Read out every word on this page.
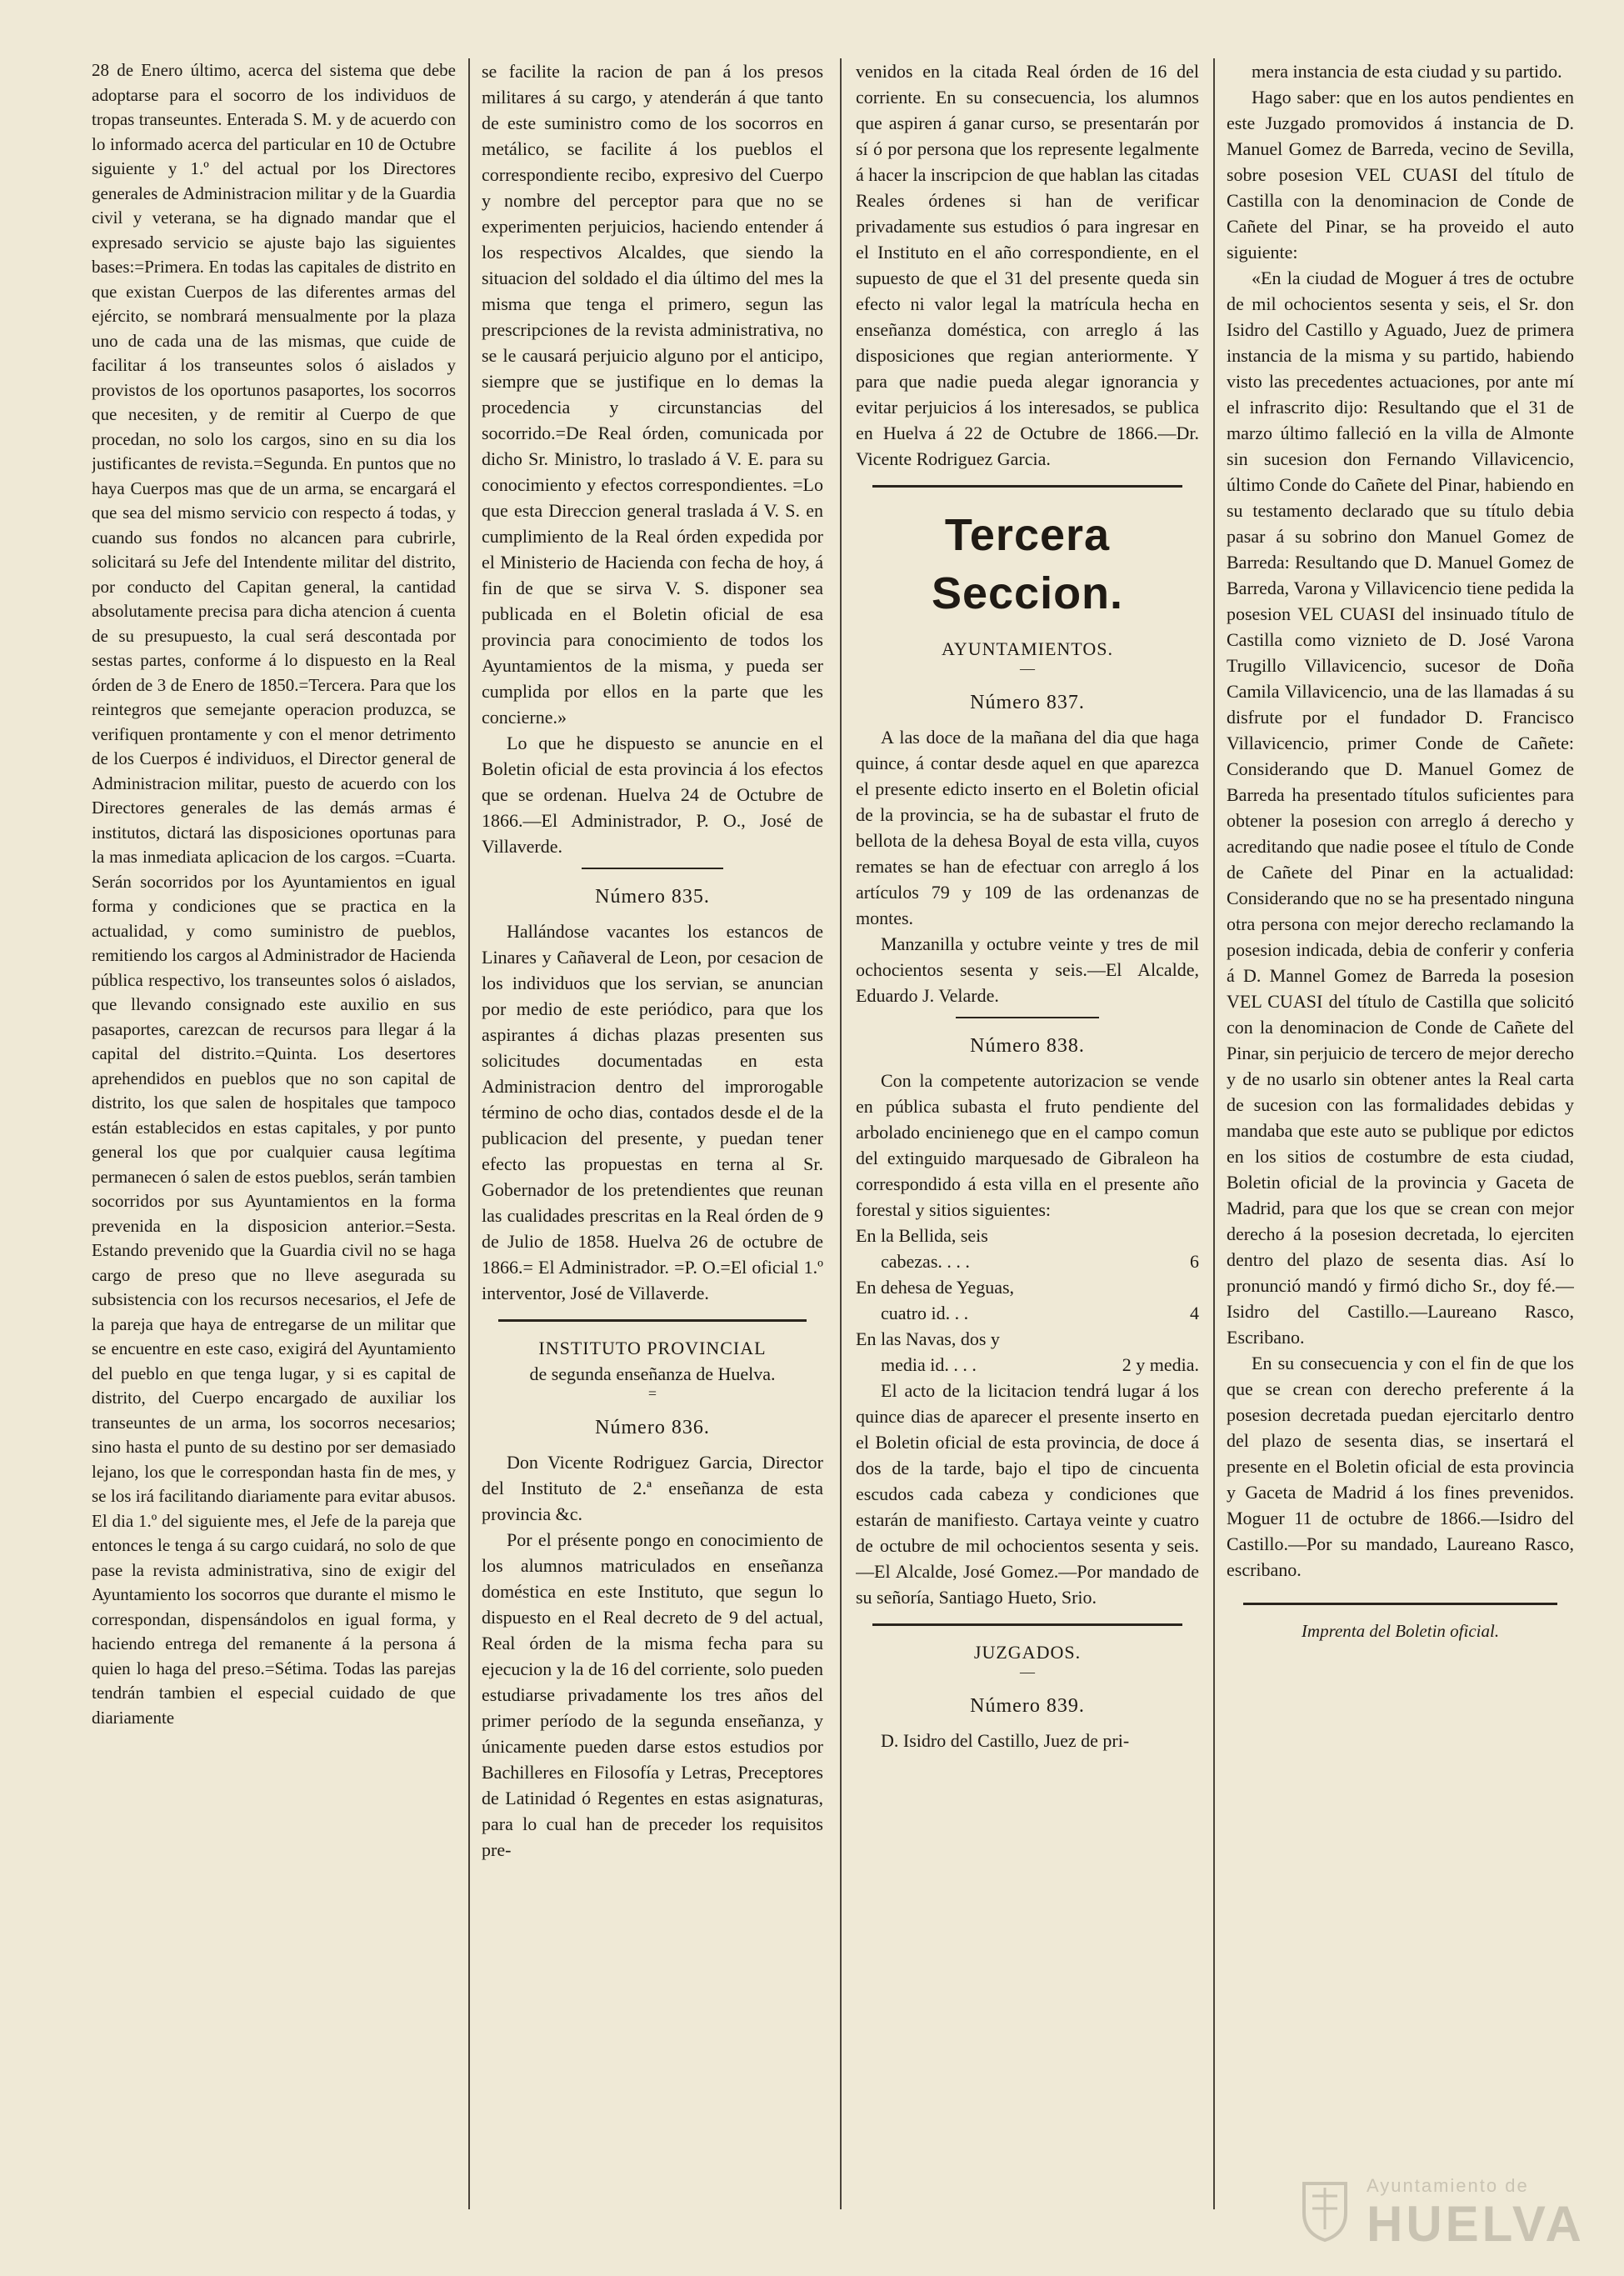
28 de Enero último, acerca del sistema que debe adoptarse para el socorro de los individuos de tropas transeuntes. Enterada S. M. y de acuerdo con lo informado acerca del particular en 10 de Octubre siguiente y 1.º del actual por los Directores generales de Administracion militar y de la Guardia civil y veterana, se ha dignado mandar que el expresado servicio se ajuste bajo las siguientes bases:=Primera. En todas las capitales de distrito en que existan Cuerpos de las diferentes armas del ejército, se nombrará mensualmente por la plaza uno de cada una de las mismas, que cuide de facilitar á los transeuntes solos ó aislados y provistos de los oportunos pasaportes, los socorros que necesiten, y de remitir al Cuerpo de que procedan, no solo los cargos, sino en su dia los justificantes de revista.=Segunda. En puntos que no haya Cuerpos mas que de un arma, se encargará el que sea del mismo servicio con respecto á todas, y cuando sus fondos no alcancen para cubrirle, solicitará su Jefe del Intendente militar del distrito, por conducto del Capitan general, la cantidad absolutamente precisa para dicha atencion á cuenta de su presupuesto, la cual será descontada por sestas partes, conforme á lo dispuesto en la Real órden de 3 de Enero de 1850.=Tercera. Para que los reintegros que semejante operacion produzca, se verifiquen prontamente y con el menor detrimento de los Cuerpos é individuos, el Director general de Administracion militar, puesto de acuerdo con los Directores generales de las demás armas é institutos, dictará las disposiciones oportunas para la mas inmediata aplicacion de los cargos. =Cuarta. Serán socorridos por los Ayuntamientos en igual forma y condiciones que se practica en la actualidad, y como suministro de pueblos, remitiendo los cargos al Administrador de Hacienda pública respectivo, los transeuntes solos ó aislados, que llevando consignado este auxilio en sus pasaportes, carezcan de recursos para llegar á la capital del distrito.=Quinta. Los desertores aprehendidos en pueblos que no son capital de distrito, los que salen de hospitales que tampoco están establecidos en estas capitales, y por punto general los que por cualquier causa legítima permanecen ó salen de estos pueblos, serán tambien socorridos por sus Ayuntamientos en la forma prevenida en la disposicion anterior.=Sesta. Estando prevenido que la Guardia civil no se haga cargo de preso que no lleve asegurada su subsistencia con los recursos necesarios, el Jefe de la pareja que haya de entregarse de un militar que se encuentre en este caso, exigirá del Ayuntamiento del pueblo en que tenga lugar, y si es capital de distrito, del Cuerpo encargado de auxiliar los transeuntes de un arma, los socorros necesarios; sino hasta el punto de su destino por ser demasiado lejano, los que le correspondan hasta fin de mes, y se los irá facilitando diariamente para evitar abusos. El dia 1.º del siguiente mes, el Jefe de la pareja que entonces le tenga á su cargo cuidará, no solo de que pase la revista administrativa, sino de exigir del Ayuntamiento los socorros que durante el mismo le correspondan, dispensándolos en igual forma, y haciendo entrega del remanente á la persona á quien lo haga del preso.=Sétima. Todas las parejas tendrán tambien el especial cuidado de que diariamente

se facilite la racion de pan á los presos militares á su cargo, y atenderán á que tanto de este suministro como de los socorros en metálico, se facilite á los pueblos el correspondiente recibo, expresivo del Cuerpo y nombre del perceptor para que no se experimenten perjuicios, haciendo entender á los respectivos Alcaldes, que siendo la situacion del soldado el dia último del mes la misma que tenga el primero, segun las prescripciones de la revista administrativa, no se le causará perjuicio alguno por el anticipo, siempre que se justifique en lo demas la procedencia y circunstancias del socorrido.=De Real órden, comunicada por dicho Sr. Ministro, lo traslado á V. E. para su conocimiento y efectos correspondientes. =Lo que esta Direccion general traslada á V. S. en cumplimiento de la Real órden expedida por el Ministerio de Hacienda con fecha de hoy, á fin de que se sirva V. S. disponer sea publicada en el Boletin oficial de esa provincia para conocimiento de todos los Ayuntamientos de la misma, y pueda ser cumplida por ellos en la parte que les concierne.»

Lo que he dispuesto se anuncie en el Boletin oficial de esta provincia á los efectos que se ordenan. Huelva 24 de Octubre de 1866.—El Administrador, P. O., José de Villaverde.

Número 835.

Hallándose vacantes los estancos de Linares y Cañaveral de Leon, por cesacion de los individuos que los servian, se anuncian por medio de este periódico, para que los aspirantes á dichas plazas presenten sus solicitudes documentadas en esta Administracion dentro del improrogable término de ocho dias, contados desde el de la publicacion del presente, y puedan tener efecto las propuestas en terna al Sr. Gobernador de los pretendientes que reunan las cualidades prescritas en la Real órden de 9 de Julio de 1858. Huelva 26 de octubre de 1866.= El Administrador. =P. O.=El oficial 1.º interventor, José de Villaverde.

INSTITUTO PROVINCIAL

de segunda enseñanza de Huelva.

=

Número 836.

Don Vicente Rodriguez Garcia, Director del Instituto de 2.ª enseñanza de esta provincia &c.

Por el présente pongo en conocimiento de los alumnos matriculados en enseñanza doméstica en este Instituto, que segun lo dispuesto en el Real decreto de 9 del actual, Real órden de la misma fecha para su ejecucion y la de 16 del corriente, solo pueden estudiarse privadamente los tres años del primer período de la segunda enseñanza, y únicamente pueden darse estos estudios por Bachilleres en Filosofía y Letras, Preceptores de Latinidad ó Regentes en estas asignaturas, para lo cual han de preceder los requisitos pre-

venidos en la citada Real órden de 16 del corriente. En su consecuencia, los alumnos que aspiren á ganar curso, se presentarán por sí ó por persona que los represente legalmente á hacer la inscripcion de que hablan las citadas Reales órdenes si han de verificar privadamente sus estudios ó para ingresar en el Instituto en el año correspondiente, en el supuesto de que el 31 del presente queda sin efecto ni valor legal la matrícula hecha en enseñanza doméstica, con arreglo á las disposiciones que regian anteriormente. Y para que nadie pueda alegar ignorancia y evitar perjuicios á los interesados, se publica en Huelva á 22 de Octubre de 1866.—Dr. Vicente Rodriguez Garcia.

Tercera Seccion.

AYUNTAMIENTOS.

—

Número 837.

A las doce de la mañana del dia que haga quince, á contar desde aquel en que aparezca el presente edicto inserto en el Boletin oficial de la provincia, se ha de subastar el fruto de bellota de la dehesa Boyal de esta villa, cuyos remates se han de efectuar con arreglo á los artículos 79 y 109 de las ordenanzas de montes.

Manzanilla y octubre veinte y tres de mil ochocientos sesenta y seis.—El Alcalde, Eduardo J. Velarde.

Número 838.

Con la competente autorizacion se vende en pública subasta el fruto pendiente del arbolado encinienego que en el campo comun del extinguido marquesado de Gibraleon ha correspondido á esta villa en el presente año forestal y sitios siguientes:

En la Bellida, seis

cabezas. . . .	6

En dehesa de Yeguas,

cuatro id. . .	4

En las Navas, dos y

media id. . . .	2 y media.

El acto de la licitacion tendrá lugar á los quince dias de aparecer el presente inserto en el Boletin oficial de esta provincia, de doce á dos de la tarde, bajo el tipo de cincuenta escudos cada cabeza y condiciones que estarán de manifiesto. Cartaya veinte y cuatro de octubre de mil ochocientos sesenta y seis.—El Alcalde, José Gomez.—Por mandado de su señoría, Santiago Hueto, Srio.

JUZGADOS.

—

Número 839.

D. Isidro del Castillo, Juez de pri-

mera instancia de esta ciudad y su partido.

Hago saber: que en los autos pendientes en este Juzgado promovidos á instancia de D. Manuel Gomez de Barreda, vecino de Sevilla, sobre posesion VEL CUASI del título de Castilla con la denominacion de Conde de Cañete del Pinar, se ha proveido el auto siguiente:

«En la ciudad de Moguer á tres de octubre de mil ochocientos sesenta y seis, el Sr. don Isidro del Castillo y Aguado, Juez de primera instancia de la misma y su partido, habiendo visto las precedentes actuaciones, por ante mí el infrascrito dijo: Resultando que el 31 de marzo último falleció en la villa de Almonte sin sucesion don Fernando Villavicencio, último Conde do Cañete del Pinar, habiendo en su testamento declarado que su título debia pasar á su sobrino don Manuel Gomez de Barreda: Resultando que D. Manuel Gomez de Barreda, Varona y Villavicencio tiene pedida la posesion VEL CUASI del insinuado título de Castilla como viznieto de D. José Varona Trugillo Villavicencio, sucesor de Doña Camila Villavicencio, una de las llamadas á su disfrute por el fundador D. Francisco Villavicencio, primer Conde de Cañete: Considerando que D. Manuel Gomez de Barreda ha presentado títulos suficientes para obtener la posesion con arreglo á derecho y acreditando que nadie posee el título de Conde de Cañete del Pinar en la actualidad: Considerando que no se ha presentado ninguna otra persona con mejor derecho reclamando la posesion indicada, debia de conferir y conferia á D. Mannel Gomez de Barreda la posesion VEL CUASI del título de Castilla que solicitó con la denominacion de Conde de Cañete del Pinar, sin perjuicio de tercero de mejor derecho y de no usarlo sin obtener antes la Real carta de sucesion con las formalidades debidas y mandaba que este auto se publique por edictos en los sitios de costumbre de esta ciudad, Boletin oficial de la provincia y Gaceta de Madrid, para que los que se crean con mejor derecho á la posesion decretada, lo ejerciten dentro del plazo de sesenta dias. Así lo pronunció mandó y firmó dicho Sr., doy fé.—Isidro del Castillo.—Laureano Rasco, Escribano.

En su consecuencia y con el fin de que los que se crean con derecho preferente á la posesion decretada puedan ejercitarlo dentro del plazo de sesenta dias, se insertará el presente en el Boletin oficial de esta provincia y Gaceta de Madrid á los fines prevenidos. Moguer 11 de octubre de 1866.—Isidro del Castillo.—Por su mandado, Laureano Rasco, escribano.

Imprenta del Boletin oficial.

Ayuntamiento de
HUELVA
